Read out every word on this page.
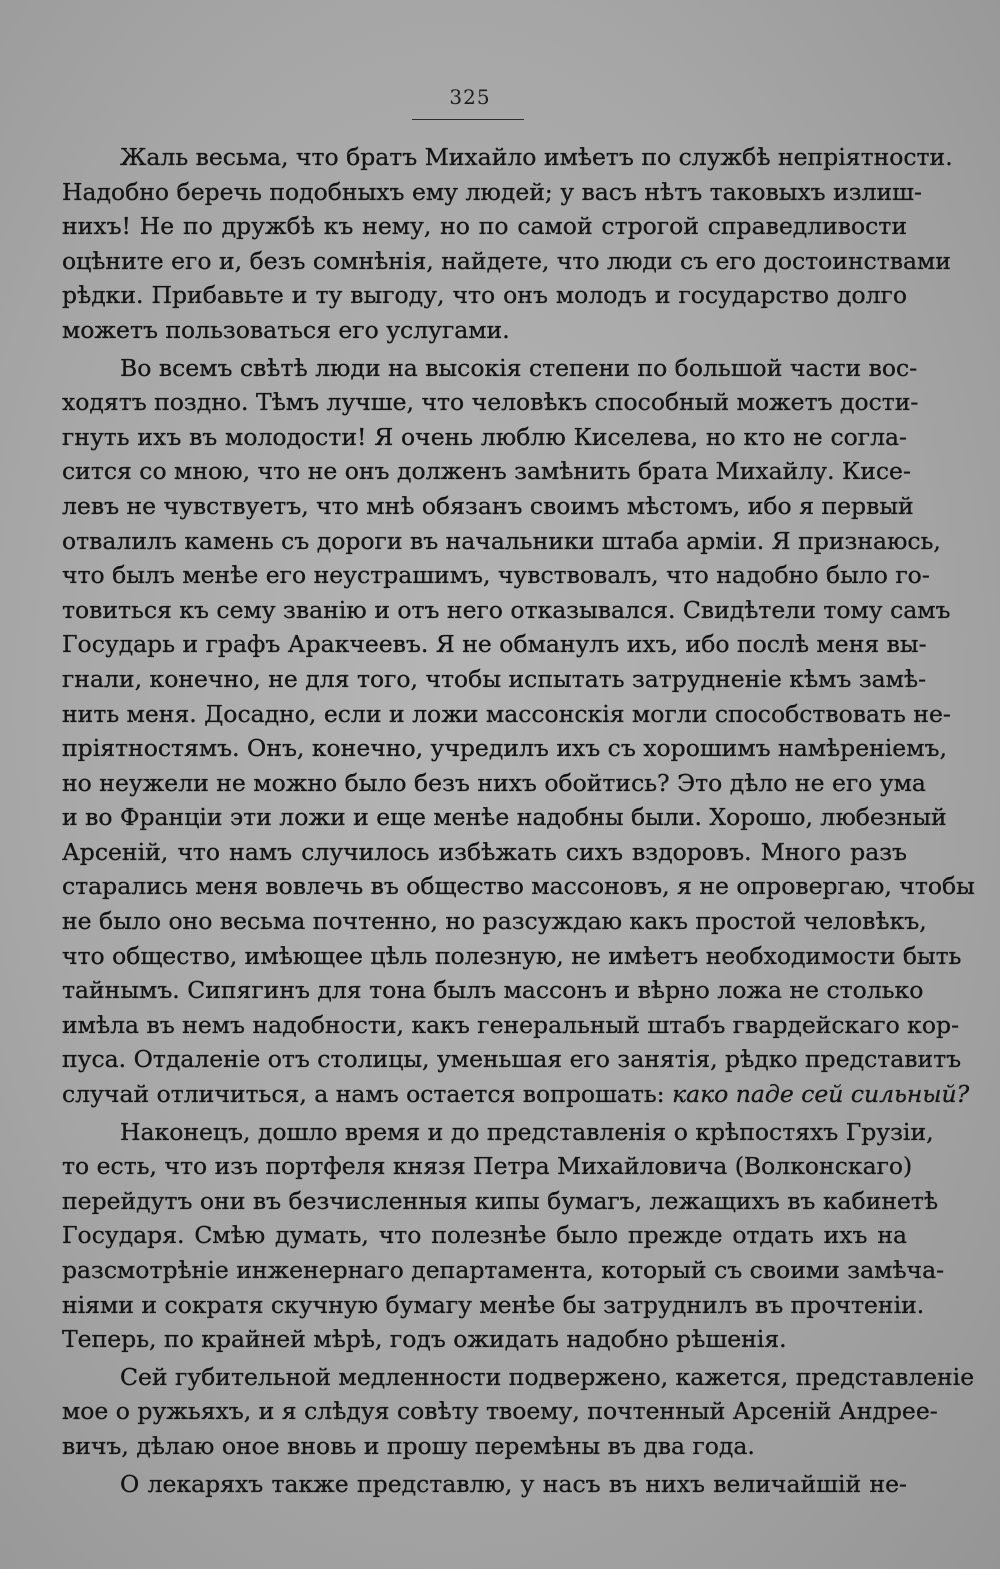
325
Жаль весьма, что братъ Михайло имѣетъ по службѣ непріятности.
Надобно беречь подобныхъ ему людей; у васъ нѣтъ таковыхъ излиш-
нихъ! Не по дружбѣ къ нему, но по самой строгой справедливости
оцѣните его и, безъ сомнѣнія, найдете, что люди съ его достоинствами
рѣдки. Прибавьте и ту выгоду, что онъ молодъ и государство долго
можетъ пользоваться его услугами.
Во всемъ свѣтѣ люди на высокія степени по большой части вос-
ходятъ поздно. Тѣмъ лучше, что человѣкъ способный можетъ дости-
гнуть ихъ въ молодости! Я очень люблю Киселева, но кто не согла-
сится со мною, что не онъ долженъ замѣнить брата Михайлу. Кисе-
левъ не чувствуетъ, что мнѣ обязанъ своимъ мѣстомъ, ибо я первый
отвалилъ камень съ дороги въ начальники штаба арміи. Я признаюсь,
что былъ менѣе его неустрашимъ, чувствовалъ, что надобно было го-
товиться къ сему званію и отъ него отказывался. Свидѣтели тому самъ
Государь и графъ Аракчеевъ. Я не обманулъ ихъ, ибо послѣ меня вы-
гнали, конечно, не для того, чтобы испытать затрудненіе кѣмъ замѣ-
нить меня. Досадно, если и ложи массонскія могли способствовать не-
пріятностямъ. Онъ, конечно, учредилъ ихъ съ хорошимъ намѣреніемъ,
но неужели не можно было безъ нихъ обойтись? Это дѣло не его ума
и во Франціи эти ложи и еще менѣе надобны были. Хорошо, любезный
Арсеній, что намъ случилось избѣжать сихъ вздоровъ. Много разъ
старались меня вовлечь въ общество массоновъ, я не опровергаю, чтобы
не было оно весьма почтенно, но разсуждаю какъ простой человѣкъ,
что общество, имѣющее цѣль полезную, не имѣетъ необходимости быть
тайнымъ. Сипягинъ для тона былъ массонъ и вѣрно ложа не столько
имѣла въ немъ надобности, какъ генеральный штабъ гвардейскаго кор-
пуса. Отдаленіе отъ столицы, уменьшая его занятія, рѣдко представитъ
случай отличиться, а намъ остается вопрошать: како паде сей сильный?
Наконецъ, дошло время и до представленія о крѣпостяхъ Грузіи,
то есть, что изъ портфеля князя Петра Михайловича (Волконскаго)
перейдутъ они въ безчисленныя кипы бумагъ, лежащихъ въ кабинетѣ
Государя. Смѣю думать, что полезнѣе было прежде отдать ихъ на
разсмотрѣніе инженернаго департамента, который съ своими замѣча-
ніями и сократя скучную бумагу менѣе бы затруднилъ въ прочтеніи.
Теперь, по крайней мѣрѣ, годъ ожидать надобно рѣшенія.
Сей губительной медленности подвержено, кажется, представленіе
мое о ружьяхъ, и я слѣдуя совѣту твоему, почтенный Арсеній Андрее-
вичъ, дѣлаю оное вновь и прошу перемѣны въ два года.
О лекаряхъ также представлю, у насъ въ нихъ величайшій не-
